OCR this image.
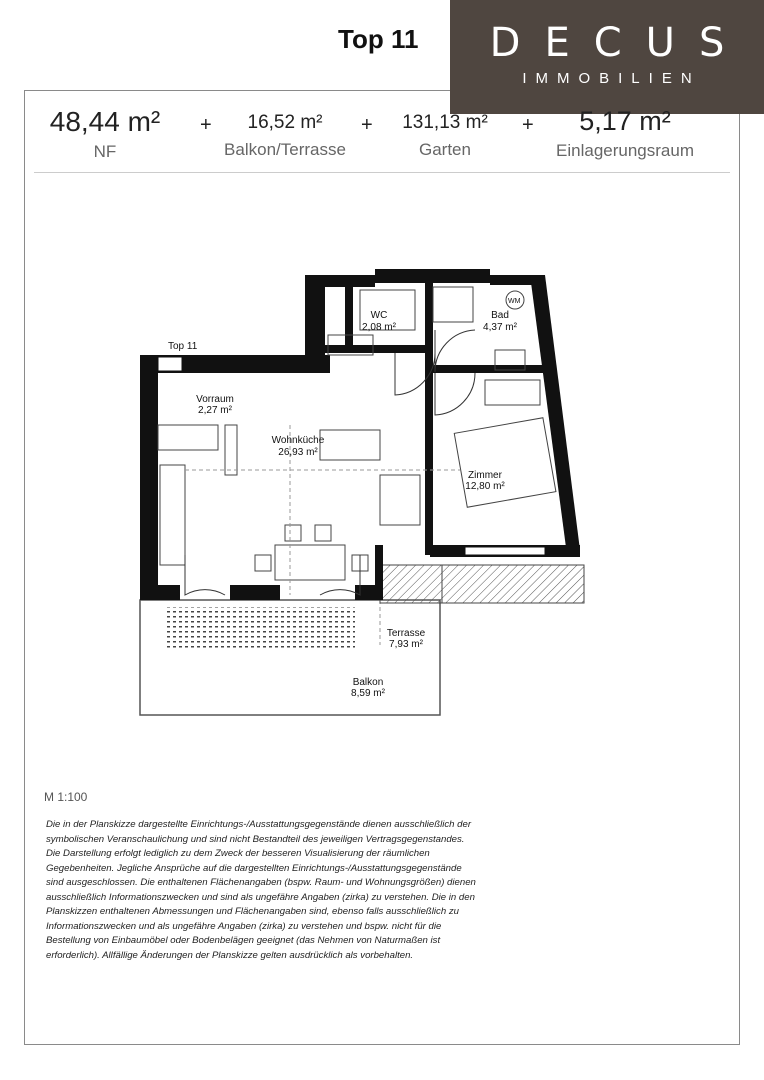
Top 11	DECUS
IMMOBILIEN
48,44 m²
NF
+	16,52 m²
Balkon/Terrasse
+	131,13 m²
Garten
+	5,17 m²
Einlagerungsraum
Top 11
WM
WC
2,08 m²
Bad
4,37 m²
Vorraum
2,27 m²
Wohnküche
26,93 m²
Zimmer
12,80 m²
Terrasse
7,93 m²
Balkon
8,59 m²
M 1:100
Die in der Planskizze dargestellte Einrichtungs-/Ausstattungsgegenstände dienen ausschließlich der symbolischen Veranschaulichung und sind nicht Bestandteil des jeweiligen Vertragsgegenstandes. Die Darstellung erfolgt lediglich zu dem Zweck der besseren Visualisierung der räumlichen Gegebenheiten. Jegliche Ansprüche auf die dargestellten Einrichtungs-/Ausstattungsgegenstände sind ausgeschlossen. Die enthaltenen Flächenangaben (bspw. Raum- und Wohnungsgrößen) dienen ausschließlich Informationszwecken und sind als ungefähre Angaben (zirka) zu verstehen. Die in den Planskizzen enthaltenen Abmessungen und Flächenangaben sind, ebenso falls ausschließlich zu Informationszwecken und als ungefähre Angaben (zirka) zu verstehen und bspw. nicht für die Bestellung von Einbaumöbel oder Bodenbelägen geeignet (das Nehmen von Naturmaßen ist erforderlich). Allfällige Änderungen der Planskizze gelten ausdrücklich als vorbehalten.
